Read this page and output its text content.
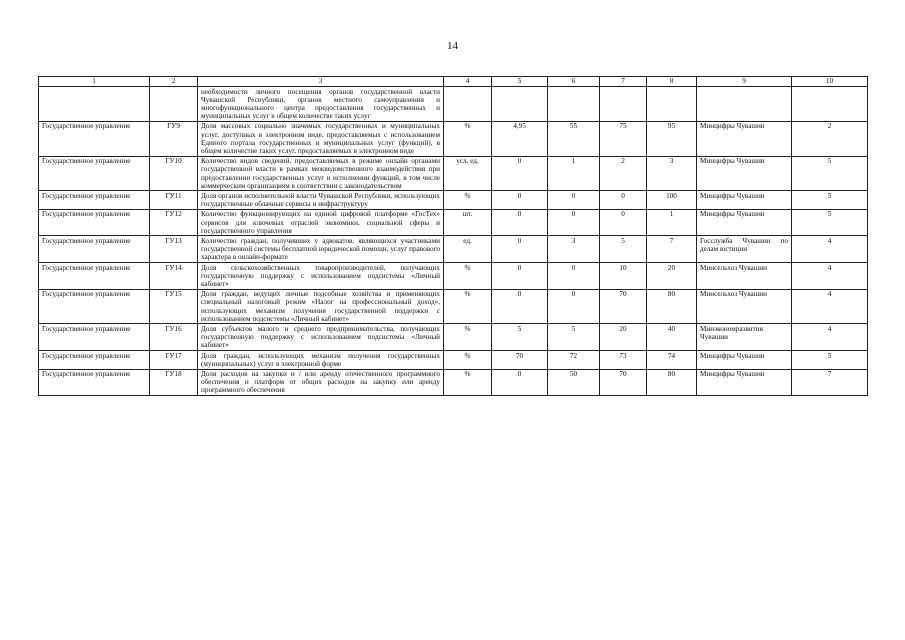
14
1	2	3	4	5	6	7	8	9	10
		необходимости личного посещения органов государственной власти Чувашской Республики, органов местного самоуправления и многофункционального центра предоставления государственных и муниципальных услуг в общем количестве таких услуг							
Государственное управление	ГУ9	Доля массовых социально значимых государственных и муниципальных услуг, доступных в электронном виде, предоставляемых с использованием Единого портала государственных и муниципальных услуг (функций), в общем количестве таких услуг, предоставляемых в электронном виде	%	4,95	55	75	95	Минцифры Чувашии	2
Государственное управление	ГУ10	Количество видов сведений, предоставляемых в режиме онлайн органами государственной власти в рамках межведомственного взаимодействия при предоставлении государственных услуг и исполнении функций, в том числе коммерческим организациям в соответствии с законодательством	усл. ед.	0	1	2	3	Минцифры Чувашии	5
Государственное управление	ГУ11	Доля органов исполнительной власти Чувашской Республики, использующих государственные облачные сервисы и инфраструктуру	%	0	0	0	100	Минцифры Чувашии	5
Государственное управление	ГУ12	Количество функционирующих на единой цифровой платформе «ГосТех» сервисов для ключевых отраслей экономики, социальной сферы и государственного управления	шт.	0	0	0	1	Минцифры Чувашии	5
Государственное управление	ГУ13	Количество граждан, получивших у адвокатов, являющихся участниками государственной системы бесплатной юридической помощи, услуг правового характера в онлайн-формате	ед.	0	3	5	7	Госслужба Чувашии по делам юстиции	4
Государственное управление	ГУ14	Доля сельскохозяйственных товаропроизводителей, получающих государственную поддержку с использованием подсистемы «Личный кабинет»	%	0	0	10	20	Минсельхоз Чувашии	4
Государственное управление	ГУ15	Доля граждан, ведущих личные подсобные хозяйства и применяющих специальный налоговый режим «Налог на профессиональный доход», использующих механизм получения государственной поддержки с использованием подсистемы «Личный кабинет»	%	0	0	70	80	Минсельхоз Чувашии	4
Государственное управление	ГУ16	Доля субъектов малого и среднего предпринимательства, получающих государственную поддержку с использованием подсистемы «Личный кабинет»	%	5	5	20	40	Минэкономразвития Чувашии	4
Государственное управление	ГУ17	Доля граждан, использующих механизм получения государственных (муниципальных) услуг в электронной форме	%	70	72	73	74	Минцифры Чувашии	5
Государственное управление	ГУ18	Доля расходов на закупки и / или аренду отечественного программного обеспечения и платформ от общих расходов на закупку или аренду программного обеспечения	%	0	50	70	80	Минцифры Чувашии	7
